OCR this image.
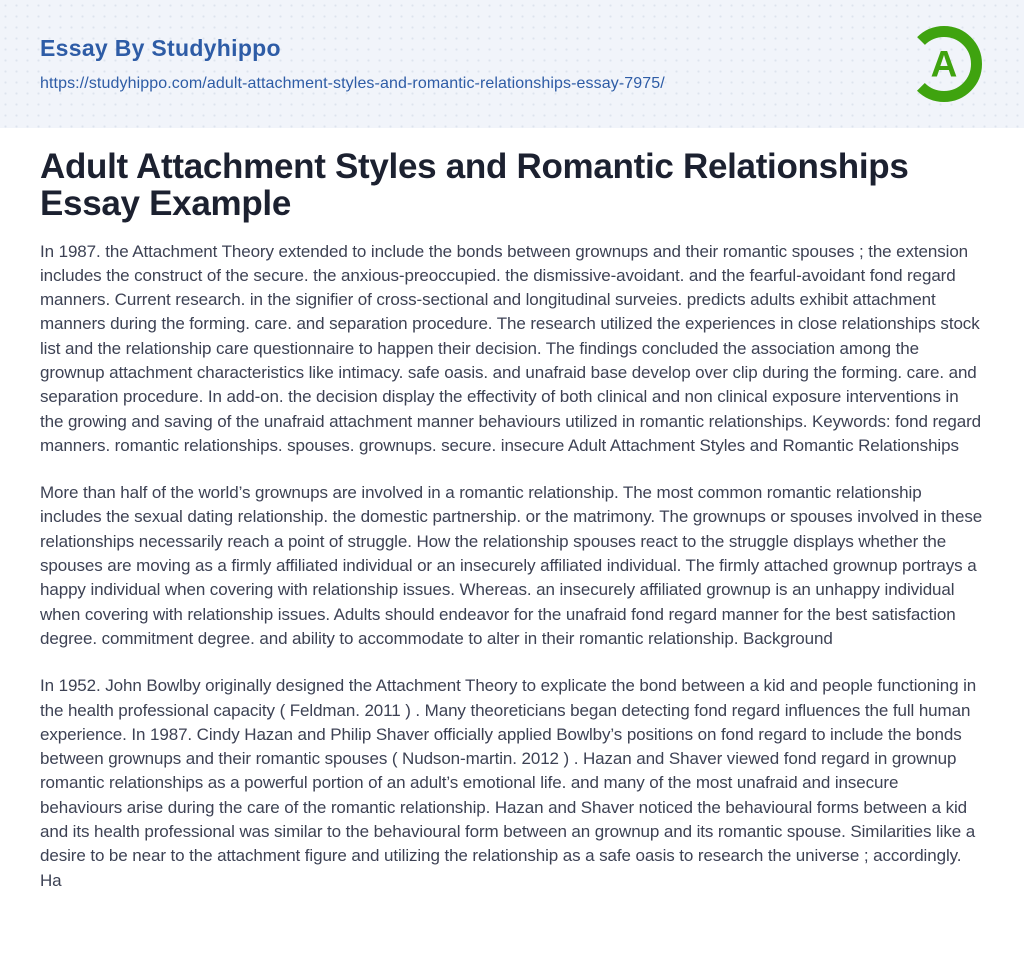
Essay By Studyhippo
https://studyhippo.com/adult-attachment-styles-and-romantic-relationships-essay-7975/	A
Adult Attachment Styles and Romantic Relationships Essay Example

In 1987. the Attachment Theory extended to include the bonds between grownups and their romantic spouses ; the extension includes the construct of the secure. the anxious-preoccupied. the dismissive-avoidant. and the fearful-avoidant fond regard manners. Current research. in the signifier of cross-sectional and longitudinal surveies. predicts adults exhibit attachment manners during the forming. care. and separation procedure. The research utilized the experiences in close relationships stock list and the relationship care questionnaire to happen their decision. The findings concluded the association among the grownup attachment characteristics like intimacy. safe oasis. and unafraid base develop over clip during the forming. care. and separation procedure. In add-on. the decision display the effectivity of both clinical and non clinical exposure interventions in the growing and saving of the unafraid attachment manner behaviours utilized in romantic relationships. Keywords: fond regard manners. romantic relationships. spouses. grownups. secure. insecure Adult Attachment Styles and Romantic Relationships

More than half of the world’s grownups are involved in a romantic relationship. The most common romantic relationship includes the sexual dating relationship. the domestic partnership. or the matrimony. The grownups or spouses involved in these relationships necessarily reach a point of struggle. How the relationship spouses react to the struggle displays whether the spouses are moving as a firmly affiliated individual or an insecurely affiliated individual. The firmly attached grownup portrays a happy individual when covering with relationship issues. Whereas. an insecurely affiliated grownup is an unhappy individual when covering with relationship issues. Adults should endeavor for the unafraid fond regard manner for the best satisfaction degree. commitment degree. and ability to accommodate to alter in their romantic relationship. Background

In 1952. John Bowlby originally designed the Attachment Theory to explicate the bond between a kid and people functioning in the health professional capacity ( Feldman. 2011 ) . Many theoreticians began detecting fond regard influences the full human experience. In 1987. Cindy Hazan and Philip Shaver officially applied Bowlby’s positions on fond regard to include the bonds between grownups and their romantic spouses ( Nudson-martin. 2012 ) . Hazan and Shaver viewed fond regard in grownup romantic relationships as a powerful portion of an adult’s emotional life. and many of the most unafraid and insecure behaviours arise during the care of the romantic relationship. Hazan and Shaver noticed the behavioural forms between a kid and its health professional was similar to the behavioural form between an grownup and its romantic spouse. Similarities like a desire to be near to the attachment figure and utilizing the relationship as a safe oasis to research the universe ; accordingly. Ha
